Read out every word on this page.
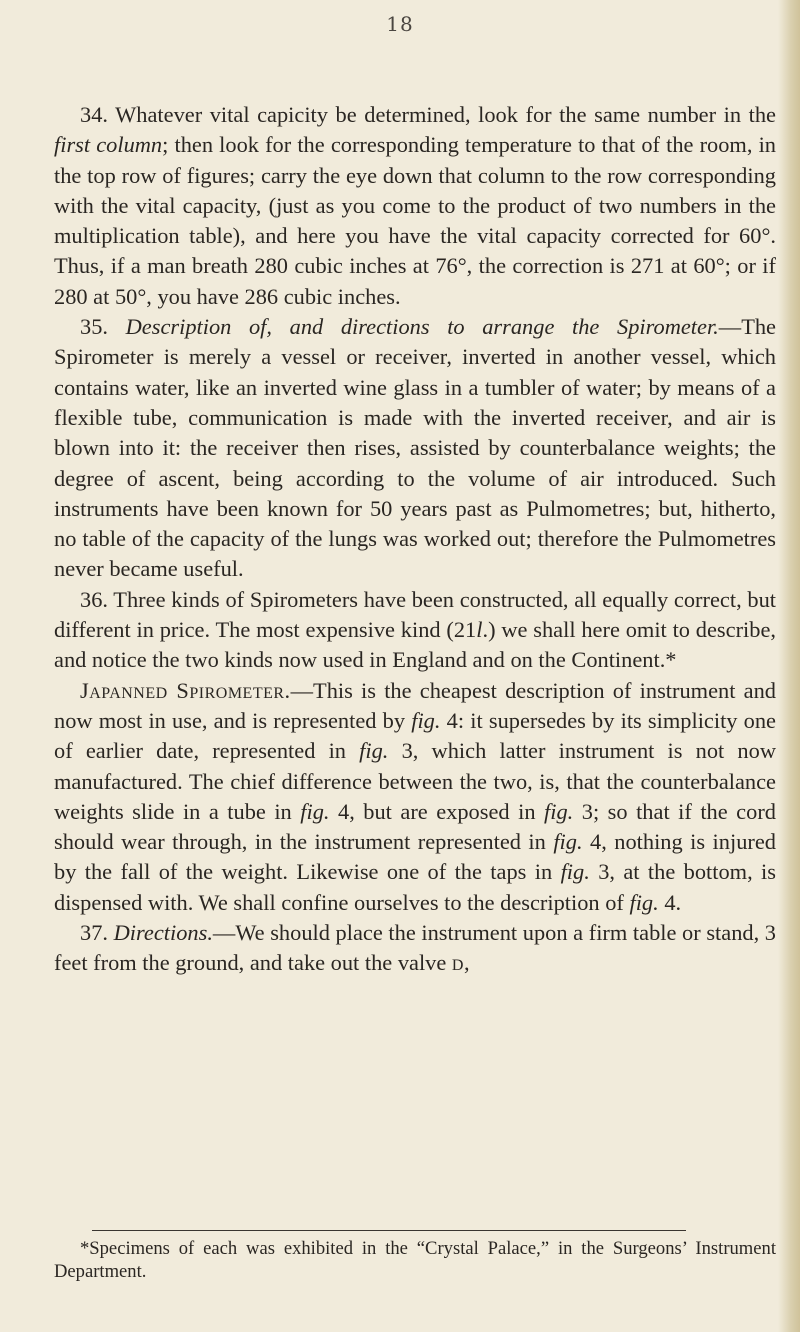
18

34. Whatever vital capicity be determined, look for the same number in the first column; then look for the corresponding temperature to that of the room, in the top row of figures; carry the eye down that column to the row corresponding with the vital capacity, (just as you come to the product of two numbers in the multiplication table), and here you have the vital capacity corrected for 60°. Thus, if a man breath 280 cubic inches at 76°, the correction is 271 at 60°; or if 280 at 50°, you have 286 cubic inches.

35. Description of, and directions to arrange the Spirometer.—The Spirometer is merely a vessel or receiver, inverted in another vessel, which contains water, like an inverted wine glass in a tumbler of water; by means of a flexible tube, communication is made with the inverted receiver, and air is blown into it: the receiver then rises, assisted by counterbalance weights; the degree of ascent, being according to the volume of air introduced. Such instruments have been known for 50 years past as Pulmometres; but, hitherto, no table of the capacity of the lungs was worked out; therefore the Pulmometres never became useful.

36. Three kinds of Spirometers have been constructed, all equally correct, but different in price. The most expensive kind (21l.) we shall here omit to describe, and notice the two kinds now used in England and on the Continent.*

Japanned Spirometer.—This is the cheapest description of instrument and now most in use, and is represented by fig. 4: it supersedes by its simplicity one of earlier date, represented in fig. 3, which latter instrument is not now manufactured. The chief difference between the two, is, that the counterbalance weights slide in a tube in fig. 4, but are exposed in fig. 3; so that if the cord should wear through, in the instrument represented in fig. 4, nothing is injured by the fall of the weight. Likewise one of the taps in fig. 3, at the bottom, is dispensed with. We shall confine ourselves to the description of fig. 4.

37. Directions.—We should place the instrument upon a firm table or stand, 3 feet from the ground, and take out the valve d,

*Specimens of each was exhibited in the “Crystal Palace,” in the Surgeons’ Instrument Department.
